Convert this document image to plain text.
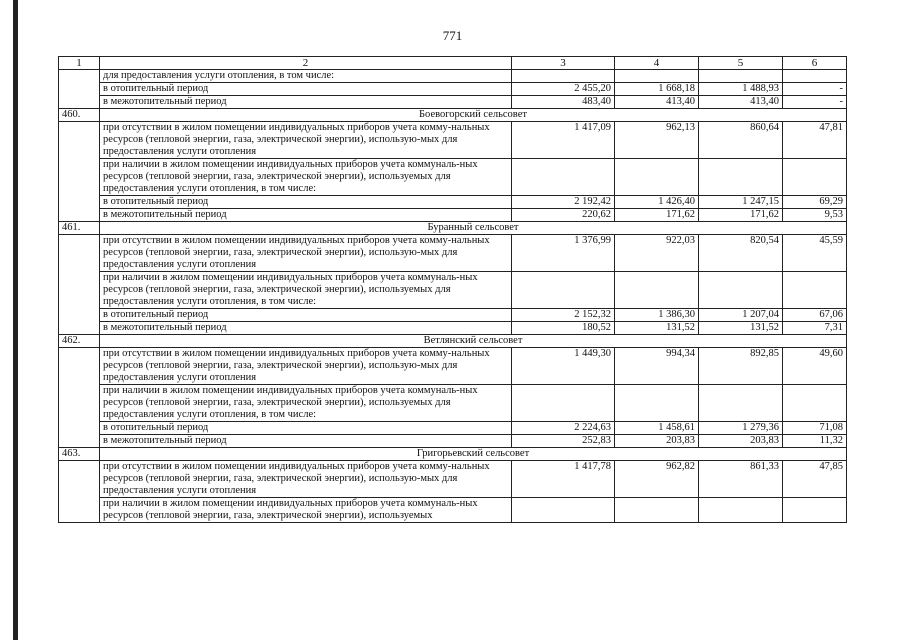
771
1	2	3	4	5	6
	для предоставления услуги отопления, в том числе:				
	в отопительный период	2 455,20	1 668,18	1 488,93	-
	в межотопительный период	483,40	413,40	413,40	-
460.	Боевогорский сельсовет				
	при отсутствии в жилом помещении индивидуальных приборов учета комму-нальных ресурсов (тепловой энергии, газа, электрической энергии), использую-мых для предоставления услуги отопления	1 417,09	962,13	860,64	47,81
	при наличии в жилом помещении индивидуальных приборов учета коммуналь-ных ресурсов (тепловой энергии, газа, электрической энергии), используемых для предоставления услуги отопления, в том числе:				
	в отопительный период	2 192,42	1 426,40	1 247,15	69,29
	в межотопительный период	220,62	171,62	171,62	9,53
461.	Буранный сельсовет				
	при отсутствии в жилом помещении индивидуальных приборов учета комму-нальных ресурсов (тепловой энергии, газа, электрической энергии), использую-мых для предоставления услуги отопления	1 376,99	922,03	820,54	45,59
	при наличии в жилом помещении индивидуальных приборов учета коммуналь-ных ресурсов (тепловой энергии, газа, электрической энергии), используемых для предоставления услуги отопления, в том числе:				
	в отопительный период	2 152,32	1 386,30	1 207,04	67,06
	в межотопительный период	180,52	131,52	131,52	7,31
462.	Ветлянский сельсовет				
	при отсутствии в жилом помещении индивидуальных приборов учета комму-нальных ресурсов (тепловой энергии, газа, электрической энергии), использую-мых для предоставления услуги отопления	1 449,30	994,34	892,85	49,60
	при наличии в жилом помещении индивидуальных приборов учета коммуналь-ных ресурсов (тепловой энергии, газа, электрической энергии), используемых для предоставления услуги отопления, в том числе:				
	в отопительный период	2 224,63	1 458,61	1 279,36	71,08
	в межотопительный период	252,83	203,83	203,83	11,32
463.	Григорьевский сельсовет				
	при отсутствии в жилом помещении индивидуальных приборов учета комму-нальных ресурсов (тепловой энергии, газа, электрической энергии), использую-мых для предоставления услуги отопления	1 417,78	962,82	861,33	47,85
	при наличии в жилом помещении индивидуальных приборов учета коммуналь-ных ресурсов (тепловой энергии, газа, электрической энергии), используемых				
